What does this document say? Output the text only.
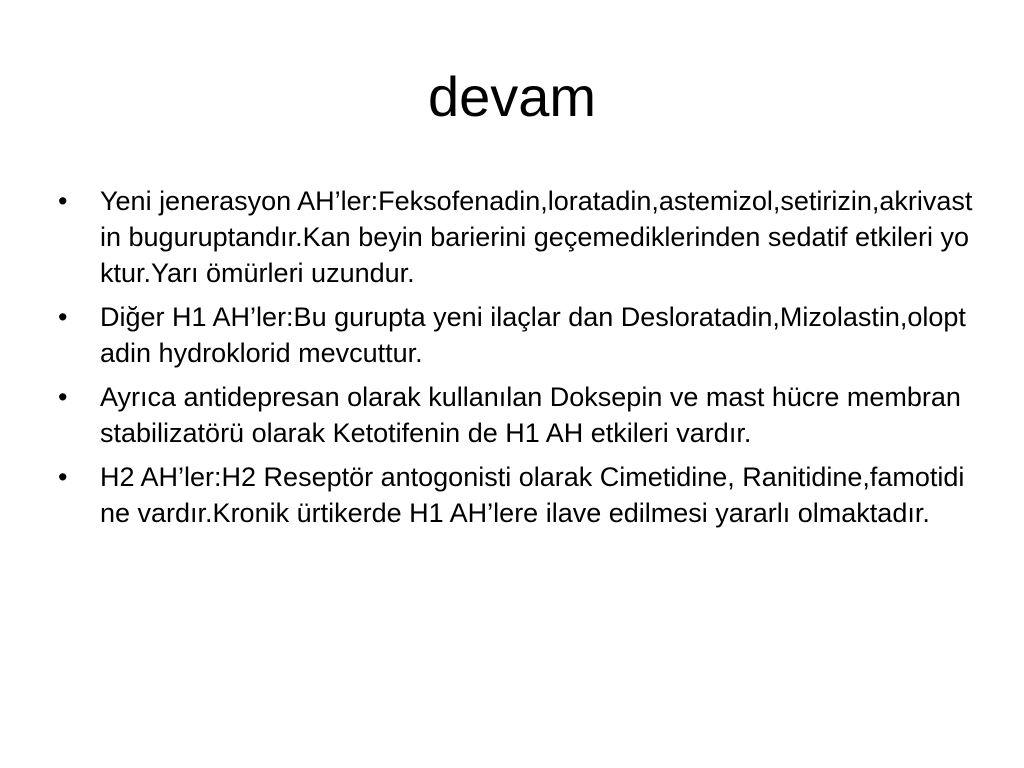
devam
•	Yeni jenerasyon AH’ler:Feksofenadin,loratadin,astemizol,setirizin,akrivastin buguruptandır.Kan beyin barierini geçemediklerinden sedatif etkileri yoktur.Yarı ömürleri uzundur.
•	Diğer H1 AH’ler:Bu gurupta yeni ilaçlar dan Desloratadin,Mizolastin,oloptadin hydroklorid mevcuttur.
•	Ayrıca antidepresan olarak kullanılan Doksepin ve mast hücre membran stabilizatörü olarak Ketotifenin de H1 AH etkileri vardır.
•	H2 AH’ler:H2 Reseptör antogonisti olarak Cimetidine, Ranitidine,famotidine vardır.Kronik ürtikerde H1 AH’lere ilave edilmesi yararlı olmaktadır.
